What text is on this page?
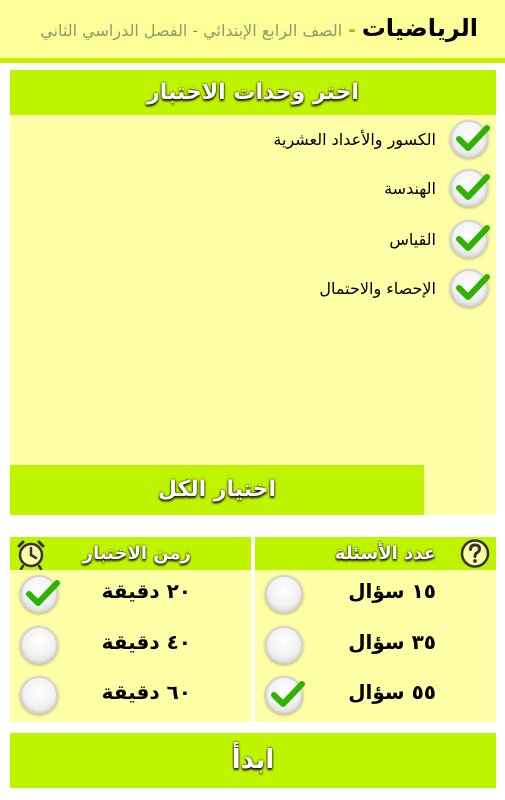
الرياضيات
-
الصف الرابع الإبتدائي - الفصل الدراسي الثاني
اختر وحدات الاختبار
الكسور والأعداد العشرية
الهندسة
القياس
الإحصاء والاحتمال
اختيار الكل
عدد الأسئلة
١٥ سؤال
٣٥ سؤال
٥٥ سؤال
زمن الاختبار
٢٠ دقيقة
٤٠ دقيقة
٦٠ دقيقة
ابدأ
